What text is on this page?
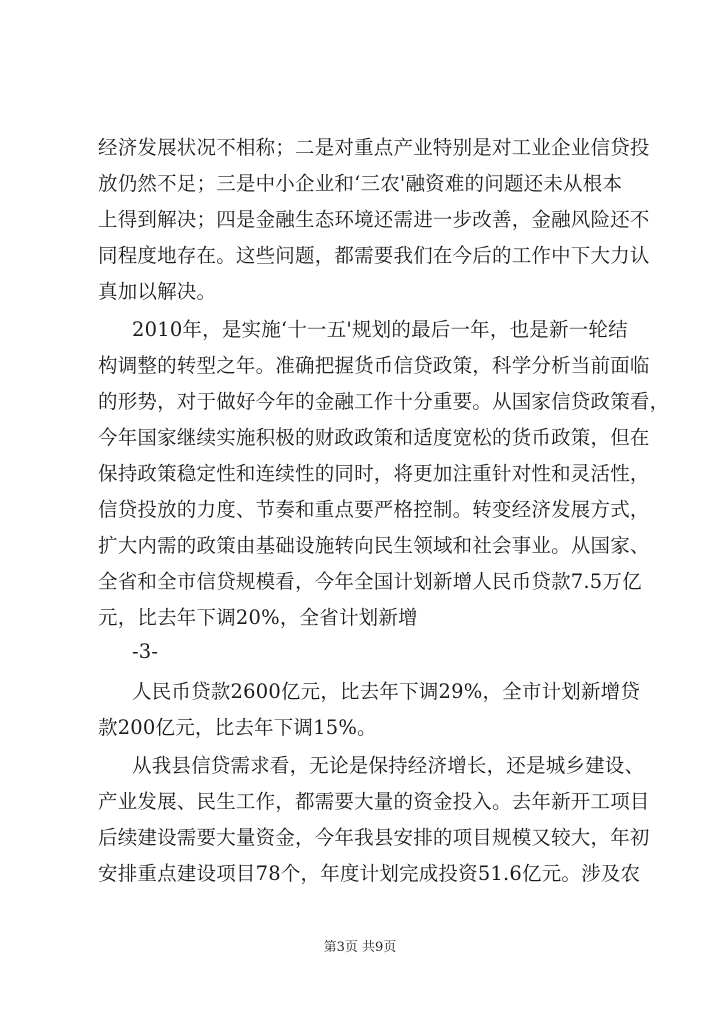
经济发展状况不相称；二是对重点产业特别是对工业企业信贷投
放仍然不足；三是中小企业和‘三农'融资难的问题还未从根本
上得到解决；四是金融生态环境还需进一步改善，金融风险还不
同程度地存在。这些问题，都需要我们在今后的工作中下大力认
真加以解决。
2010年，是实施‘十一五'规划的最后一年，也是新一轮结
构调整的转型之年。准确把握货币信贷政策，科学分析当前面临
的形势，对于做好今年的金融工作十分重要。从国家信贷政策看，
今年国家继续实施积极的财政政策和适度宽松的货币政策，但在
保持政策稳定性和连续性的同时，将更加注重针对性和灵活性，
信贷投放的力度、节奏和重点要严格控制。转变经济发展方式，
扩大内需的政策由基础设施转向民生领域和社会事业。从国家、
全省和全市信贷规模看，今年全国计划新增人民币贷款7.5万亿
元，比去年下调20%，全省计划新增
-3-
人民币贷款2600亿元，比去年下调29%，全市计划新增贷
款200亿元，比去年下调15%。
从我县信贷需求看，无论是保持经济增长，还是城乡建设、
产业发展、民生工作，都需要大量的资金投入。去年新开工项目
后续建设需要大量资金，今年我县安排的项目规模又较大，年初
安排重点建设项目78个，年度计划完成投资51.6亿元。涉及农
第3页 共9页
